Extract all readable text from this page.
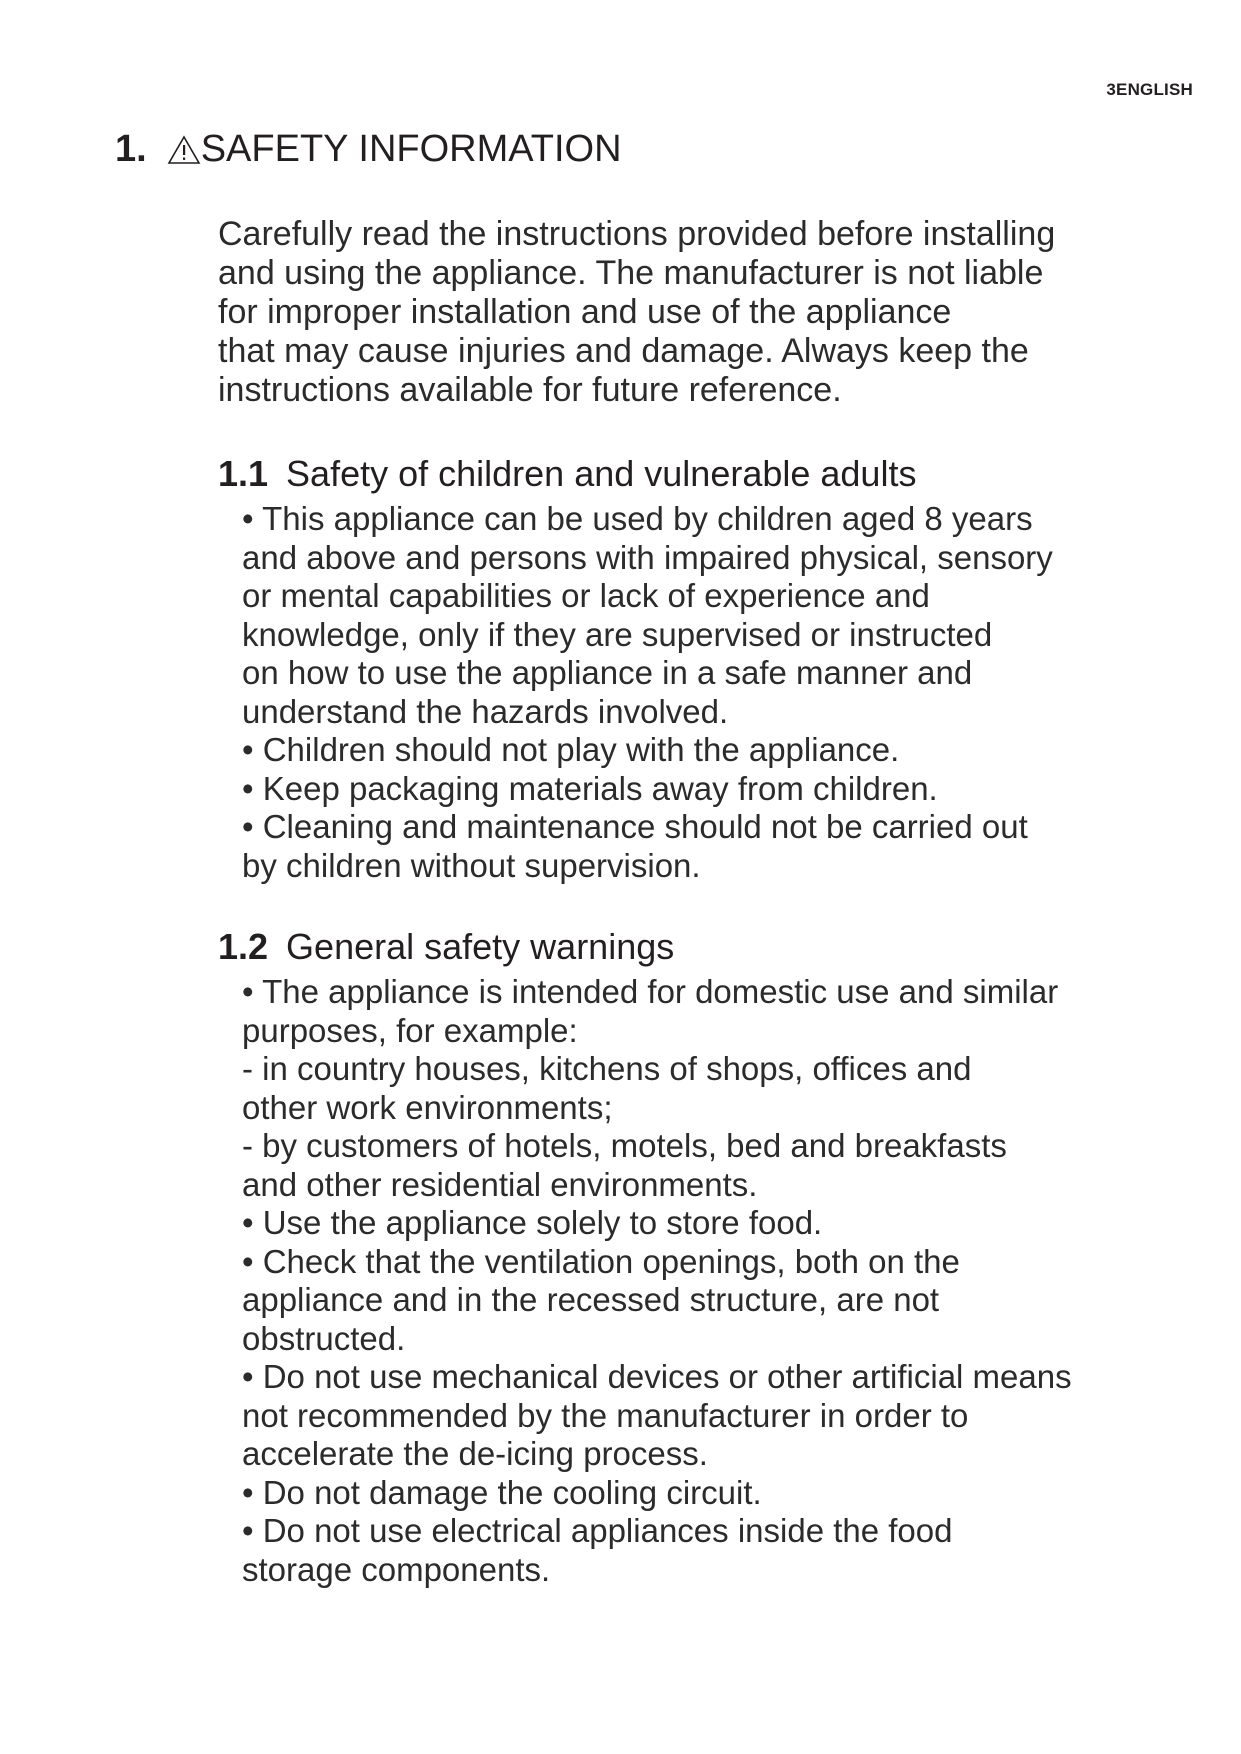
3ENGLISH
1. SAFETY INFORMATION
Carefully read the instructions provided before installing
and using the appliance. The manufacturer is not liable
for improper installation and use of the appliance
that may cause injuries and damage. Always keep the
instructions available for future reference.
1.1 Safety of children and vulnerable adults

• This appliance can be used by children aged 8 years

and above and persons with impaired physical, sensory

or mental capabilities or lack of experience and

knowledge, only if they are supervised or instructed

on how to use the appliance in a safe manner and

understand the hazards involved.

• Children should not play with the appliance.

• Keep packaging materials away from children.

• Cleaning and maintenance should not be carried out

by children without supervision.

1.2 General safety warnings

• The appliance is intended for domestic use and similar

purposes, for example:

- in country houses, kitchens of shops, offices and

other work environments;

- by customers of hotels, motels, bed and breakfasts

and other residential environments.

• Use the appliance solely to store food.

• Check that the ventilation openings, both on the

appliance and in the recessed structure, are not

obstructed.

• Do not use mechanical devices or other artificial means

not recommended by the manufacturer in order to

accelerate the de-icing process.

• Do not damage the cooling circuit.

• Do not use electrical appliances inside the food

storage components.
